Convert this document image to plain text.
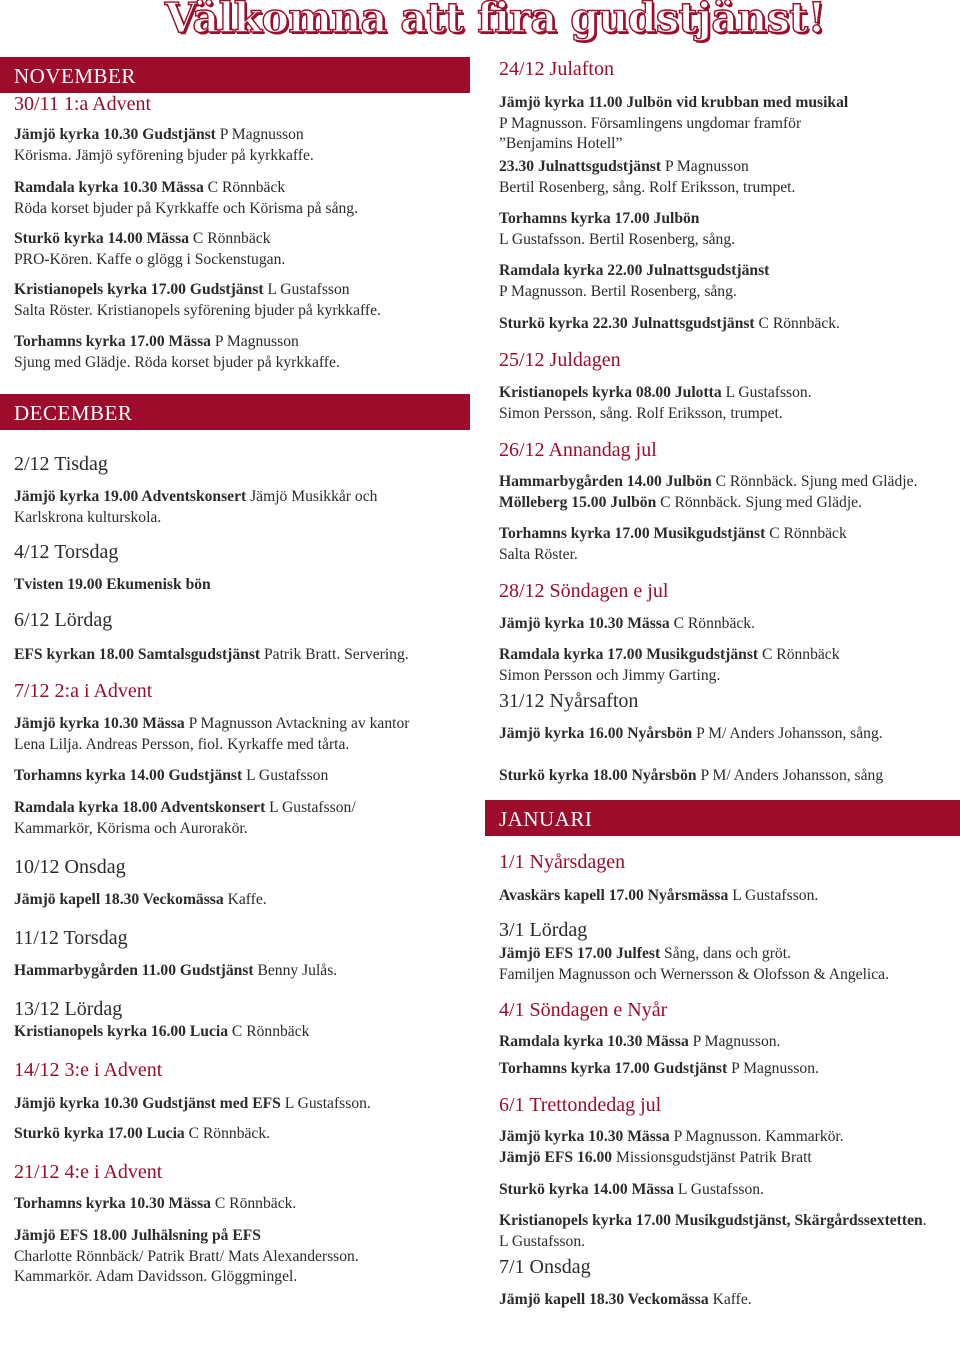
Välkomna att fira gudstjänst!
NOVEMBER
30/11 1:a Advent
Jämjö kyrka 10.30 Gudstjänst P Magnusson
Körisma. Jämjö syförening bjuder på kyrkkaffe.
Ramdala kyrka 10.30 Mässa C Rönnbäck
Röda korset bjuder på Kyrkkaffe och Körisma på sång.
Sturkö kyrka 14.00 Mässa C Rönnbäck
PRO-Kören. Kaffe o glögg i Sockenstugan.
Kristianopels kyrka 17.00 Gudstjänst L Gustafsson
Salta Röster. Kristianopels syförening bjuder på kyrkkaffe.
Torhamns kyrka 17.00 Mässa P Magnusson
Sjung med Glädje. Röda korset bjuder på kyrkkaffe.
DECEMBER
2/12 Tisdag
Jämjö kyrka 19.00 Adventskonsert Jämjö Musikkår och
Karlskrona kulturskola.
4/12 Torsdag
Tvisten 19.00 Ekumenisk bön
6/12 Lördag
EFS kyrkan 18.00 Samtalsgudstjänst Patrik Bratt. Servering.
7/12 2:a i Advent
Jämjö kyrka 10.30 Mässa P Magnusson Avtackning av kantor
Lena Lilja. Andreas Persson, fiol. Kyrkaffe med tårta.
Torhamns kyrka 14.00 Gudstjänst L Gustafsson
Ramdala kyrka 18.00 Adventskonsert L Gustafsson/
Kammarkör, Körisma och Aurorakör.
10/12 Onsdag
Jämjö kapell 18.30 Veckomässa Kaffe.
11/12 Torsdag
Hammarbygården 11.00 Gudstjänst Benny Julås.
13/12 Lördag
Kristianopels kyrka 16.00 Lucia C Rönnbäck
14/12 3:e i Advent
Jämjö kyrka 10.30 Gudstjänst med EFS L Gustafsson.
Sturkö kyrka 17.00 Lucia C Rönnbäck.
21/12 4:e i Advent
Torhamns kyrka 10.30 Mässa C Rönnbäck.
Jämjö EFS 18.00 Julhälsning på EFS
Charlotte Rönnbäck/ Patrik Bratt/ Mats Alexandersson.
Kammarkör. Adam Davidsson. Glöggmingel.
24/12 Julafton
Jämjö kyrka 11.00 Julbön vid krubban med musikal
P Magnusson. Församlingens ungdomar framför
”Benjamins Hotell”
23.30 Julnattsgudstjänst P Magnusson
Bertil Rosenberg, sång. Rolf Eriksson, trumpet.
Torhamns kyrka 17.00 Julbön
L Gustafsson. Bertil Rosenberg, sång.
Ramdala kyrka 22.00 Julnattsgudstjänst
P Magnusson. Bertil Rosenberg, sång.
Sturkö kyrka 22.30 Julnattsgudstjänst C Rönnbäck.
25/12 Juldagen
Kristianopels kyrka 08.00 Julotta L Gustafsson.
Simon Persson, sång. Rolf Eriksson, trumpet.
26/12 Annandag jul
Hammarbygården 14.00 Julbön C Rönnbäck. Sjung med Glädje.
Mölleberg 15.00 Julbön C Rönnbäck. Sjung med Glädje.
Torhamns kyrka 17.00 Musikgudstjänst C Rönnbäck
Salta Röster.
28/12 Söndagen e jul
Jämjö kyrka 10.30 Mässa C Rönnbäck.
Ramdala kyrka 17.00 Musikgudstjänst C Rönnbäck
Simon Persson och Jimmy Garting.
31/12 Nyårsafton
Jämjö kyrka 16.00 Nyårsbön P M/ Anders Johansson, sång.
Sturkö kyrka 18.00 Nyårsbön P M/ Anders Johansson, sång
JANUARI
1/1 Nyårsdagen
Avaskärs kapell 17.00 Nyårsmässa L Gustafsson.
3/1 Lördag
Jämjö EFS 17.00 Julfest Sång, dans och gröt.
Familjen Magnusson och Wernersson & Olofsson & Angelica.
4/1 Söndagen e Nyår
Ramdala kyrka 10.30 Mässa P Magnusson.
Torhamns kyrka 17.00 Gudstjänst P Magnusson.
6/1 Trettondedag jul
Jämjö kyrka 10.30 Mässa P Magnusson. Kammarkör.
Jämjö EFS 16.00 Missionsgudstjänst Patrik Bratt
Sturkö kyrka 14.00 Mässa L Gustafsson.
Kristianopels kyrka 17.00 Musikgudstjänst, Skärgårdssextetten.
L Gustafsson.
7/1 Onsdag
Jämjö kapell 18.30 Veckomässa Kaffe.
